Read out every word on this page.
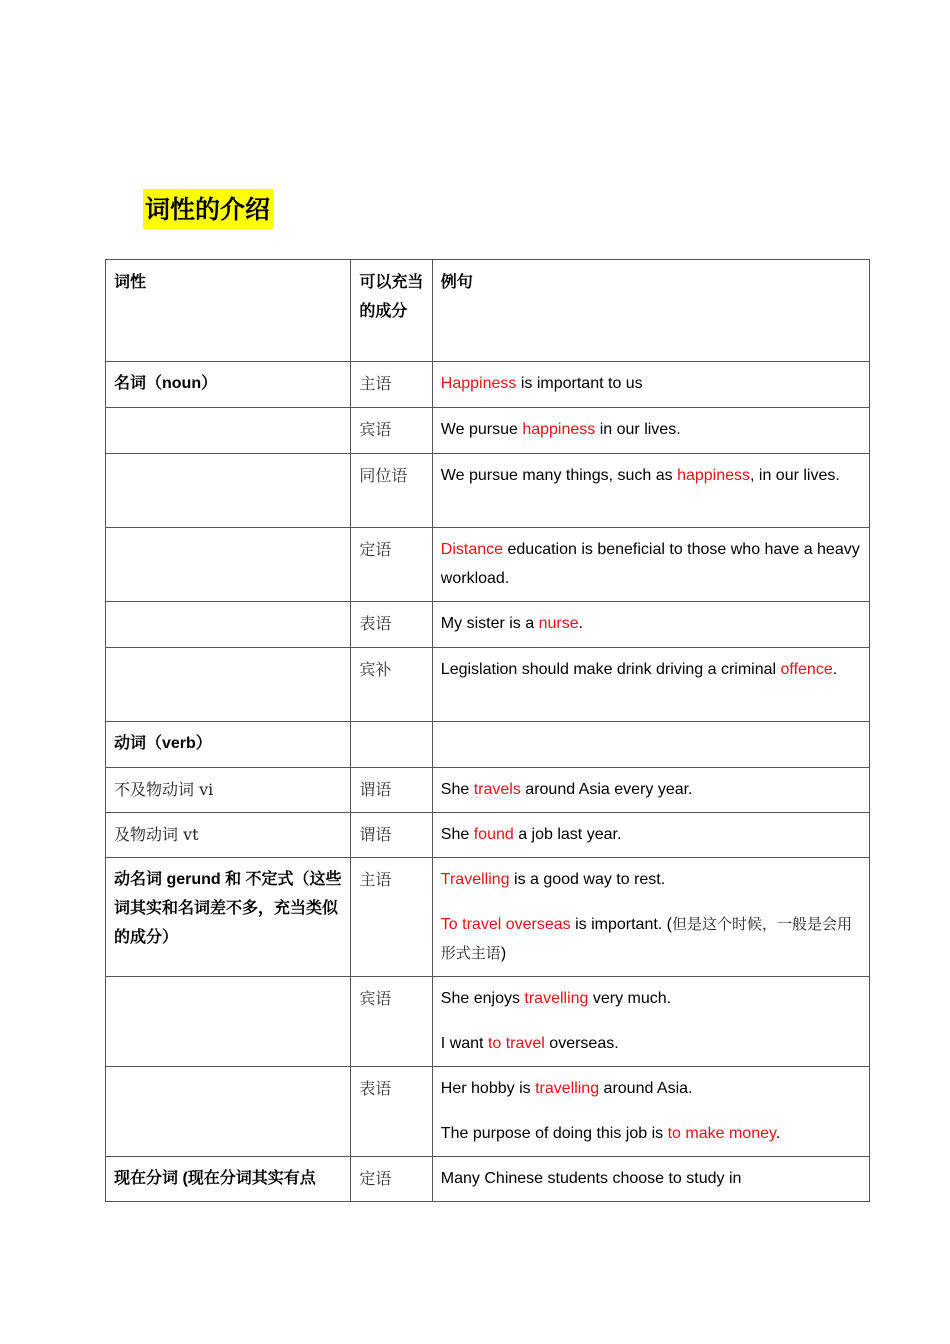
词性的介绍
词性	可以充当的成分	例句
名词（noun）	主语	Happiness is important to us

	宾语	We pursue happiness in our lives.

	同位语	We pursue many things, such as happiness, in our lives.

	定语	Distance education is beneficial to those who have a heavy workload.

	表语	My sister is a nurse.

	宾补	Legislation should make drink driving a criminal offence.

动词（verb）		
不及物动词 vi	谓语	She travels around Asia every year.

及物动词 vt	谓语	She found a job last year.

动名词 gerund 和 不定式（这些词其实和名词差不多，充当类似的成分）	主语	Travelling is a good way to rest.

To travel overseas is important. (但是这个时候，一般是会用形式主语)

	宾语	She enjoys travelling very much.

I want to travel overseas.

	表语	Her hobby is travelling around Asia.

The purpose of doing this job is to make money.

现在分词 (现在分词其实有点	定语	Many Chinese students choose to study in
